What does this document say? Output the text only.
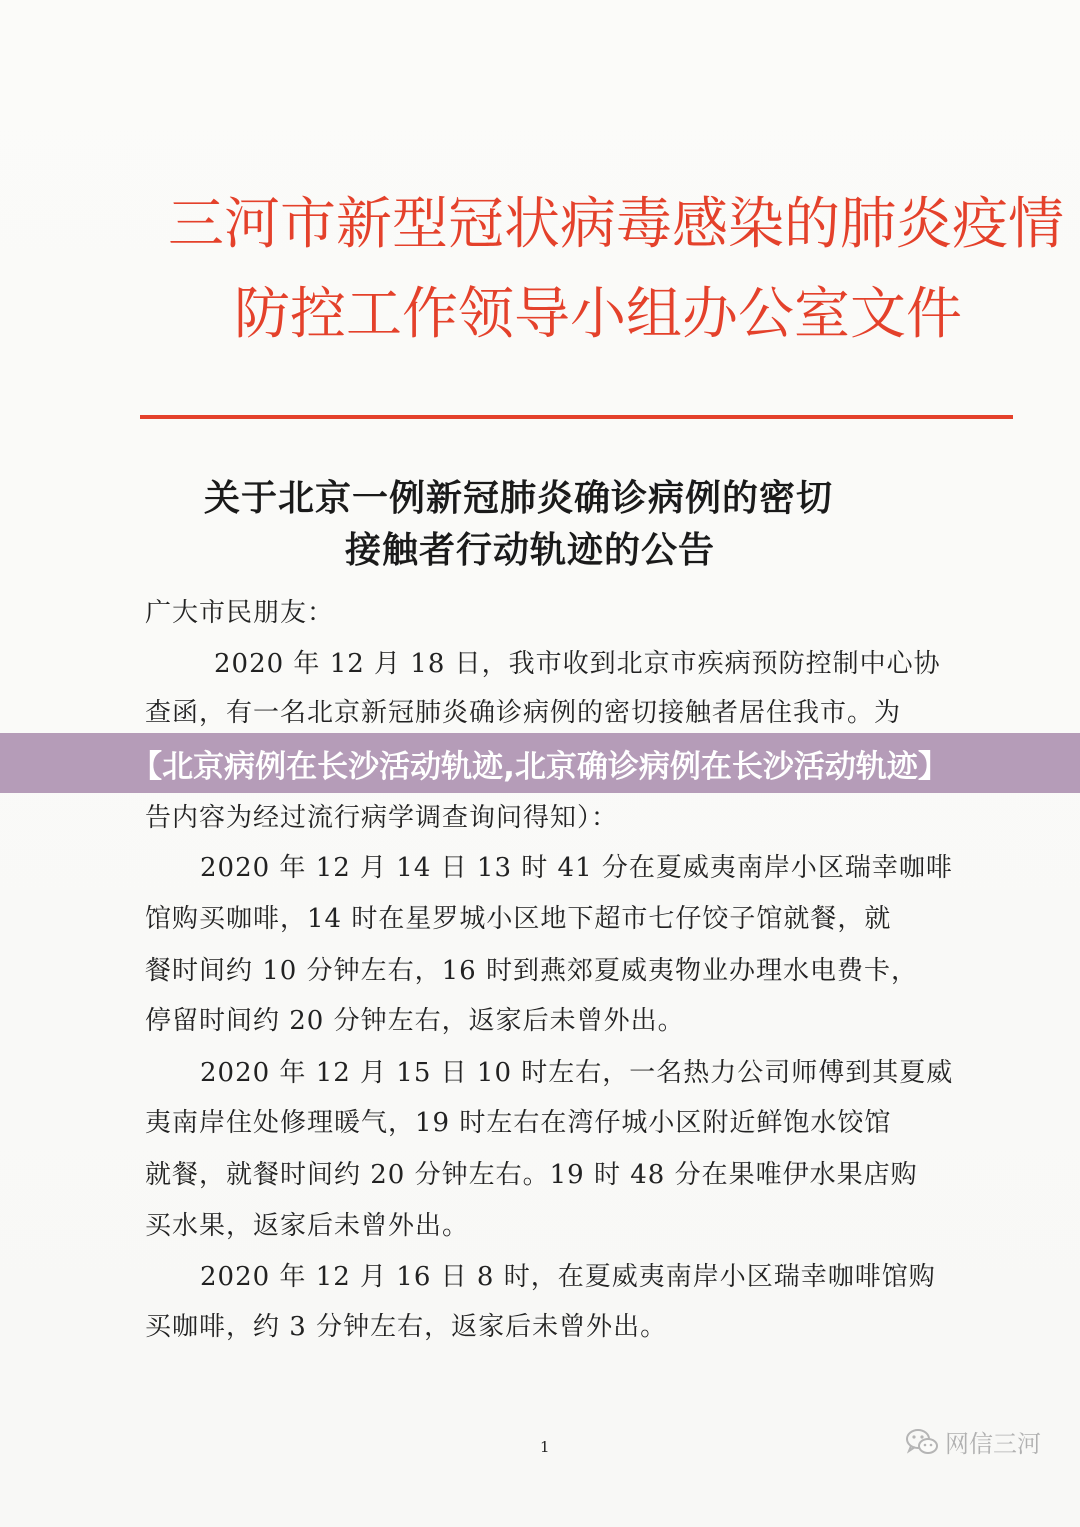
三河市新型冠状病毒感染的肺炎疫情
防控工作领导小组办公室文件
关于北京一例新冠肺炎确诊病例的密切
接触者行动轨迹的公告
广大市民朋友：
2020 年 12 月 18 日，我市收到北京市疾病预防控制中心协
查函，有一名北京新冠肺炎确诊病例的密切接触者居住我市。为
告内容为经过流行病学调查询问得知）：
2020 年 12 月 14 日 13 时 41 分在夏威夷南岸小区瑞幸咖啡
馆购买咖啡，14 时在星罗城小区地下超市七仔饺子馆就餐，就
餐时间约 10 分钟左右，16 时到燕郊夏威夷物业办理水电费卡，
停留时间约 20 分钟左右，返家后未曾外出。
2020 年 12 月 15 日 10 时左右，一名热力公司师傅到其夏威
夷南岸住处修理暖气，19 时左右在湾仔城小区附近鲜饱水饺馆
就餐，就餐时间约 20 分钟左右。19 时 48 分在果唯伊水果店购
买水果，返家后未曾外出。
2020 年 12 月 16 日 8 时，在夏威夷南岸小区瑞幸咖啡馆购
买咖啡，约 3 分钟左右，返家后未曾外出。
1	网信三河
【北京病例在长沙活动轨迹,北京确诊病例在长沙活动轨迹】
